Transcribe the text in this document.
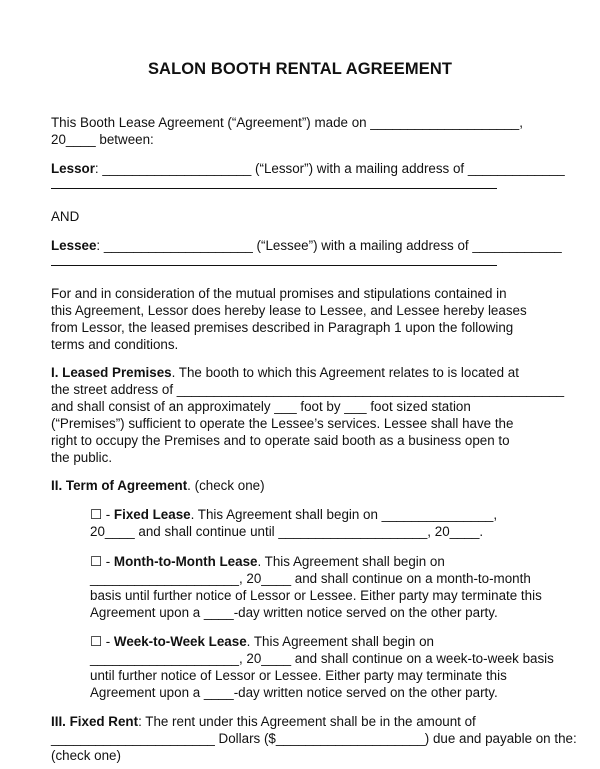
SALON BOOTH RENTAL AGREEMENT
This Booth Lease Agreement (“Agreement”) made on ____________________,
20____ between:
Lessor: ____________________ (“Lessor”) with a mailing address of _____________
AND
Lessee: ____________________ (“Lessee”) with a mailing address of ____________
For and in consideration of the mutual promises and stipulations contained in
this Agreement, Lessor does hereby lease to Lessee, and Lessee hereby leases
from Lessor, the leased premises described in Paragraph 1 upon the following
terms and conditions.
I. Leased Premises. The booth to which this Agreement relates to is located at
the street address of ____________________________________________________
and shall consist of an approximately ___ foot by ___ foot sized station
(“Premises”) sufficient to operate the Lessee’s services. Lessee shall have the
right to occupy the Premises and to operate said booth as a business open to
the public.
II. Term of Agreement. (check one)
☐ - Fixed Lease. This Agreement shall begin on _______________,
20____ and shall continue until ____________________, 20____.
☐ - Month-to-Month Lease. This Agreement shall begin on
____________________, 20____ and shall continue on a month-to-month
basis until further notice of Lessor or Lessee. Either party may terminate this
Agreement upon a ____-day written notice served on the other party.
☐ - Week-to-Week Lease. This Agreement shall begin on
____________________, 20____ and shall continue on a week-to-week basis
until further notice of Lessor or Lessee. Either party may terminate this
Agreement upon a ____-day written notice served on the other party.
III. Fixed Rent: The rent under this Agreement shall be in the amount of
______________________ Dollars ($____________________) due and payable on the:
(check one)
